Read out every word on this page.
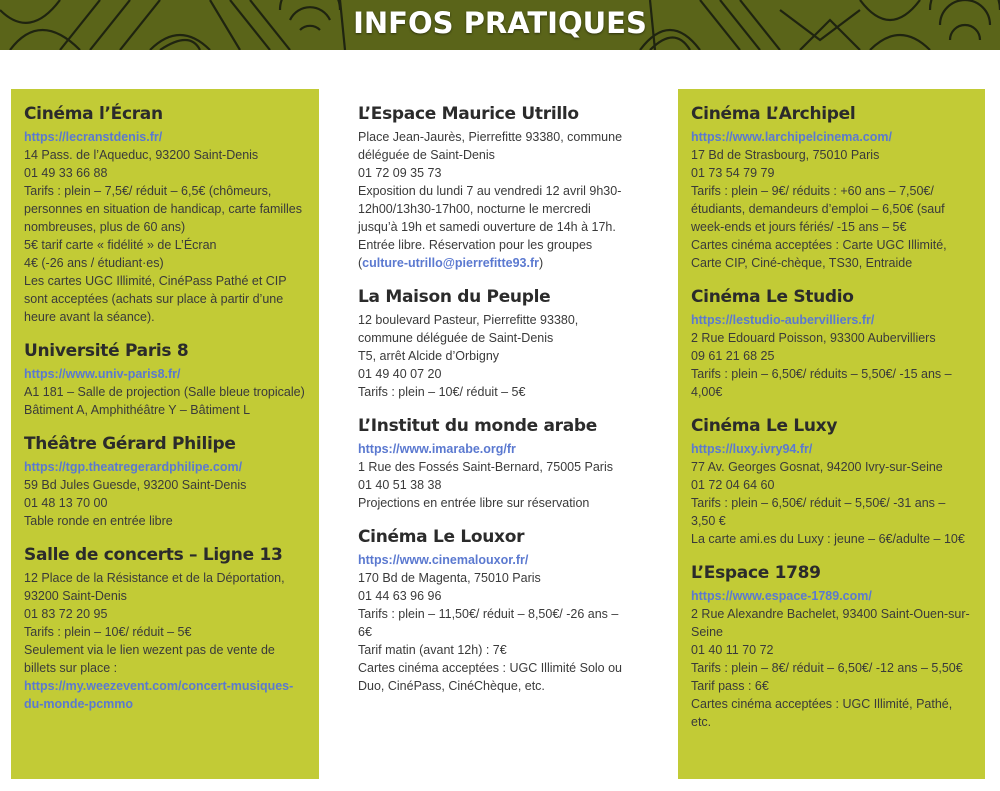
INFOS PRATIQUES
Cinéma l’Écran
https://lecranstdenis.fr/
14 Pass. de l’Aqueduc, 93200 Saint-Denis
01 49 33 66 88
Tarifs : plein – 7,5€/ réduit – 6,5€ (chômeurs, personnes en situation de handicap, carte familles nombreuses, plus de 60 ans)
5€ tarif carte « fidélité » de L’Écran
4€ (-26 ans / étudiant·es)
Les cartes UGC Illimité, CinéPass Pathé et CIP sont acceptées (achats sur place à partir d’une heure avant la séance).
Université Paris 8
https://www.univ-paris8.fr/
A1 181 – Salle de projection (Salle bleue tropicale)
Bâtiment A, Amphithéâtre Y – Bâtiment L
Théâtre Gérard Philipe
https://tgp.theatregerardphilipe.com/
59 Bd Jules Guesde, 93200 Saint-Denis
01 48 13 70 00
Table ronde en entrée libre
Salle de concerts – Ligne 13
12 Place de la Résistance et de la Déportation, 93200 Saint-Denis
01 83 72 20 95
Tarifs : plein – 10€/ réduit – 5€
Seulement via le lien wezent pas de vente de billets sur place : https://my.weezevent.com/concert-musiques-du-monde-pcmmo
L’Espace Maurice Utrillo
Place Jean-Jaurès, Pierrefitte 93380, commune déléguée de Saint-Denis
01 72 09 35 73
Exposition du lundi 7 au vendredi 12 avril 9h30-12h00/13h30-17h00, nocturne le mercredi jusqu’à 19h et samedi ouverture de 14h à 17h.
Entrée libre. Réservation pour les groupes
(culture-utrillo@pierrefitte93.fr)
La Maison du Peuple
12 boulevard Pasteur, Pierrefitte 93380, commune déléguée de Saint-Denis
T5, arrêt Alcide d’Orbigny
01 49 40 07 20
Tarifs : plein – 10€/ réduit – 5€
L’Institut du monde arabe
https://www.imarabe.org/fr
1 Rue des Fossés Saint-Bernard, 75005 Paris
01 40 51 38 38
Projections en entrée libre sur réservation
Cinéma Le Louxor
https://www.cinemalouxor.fr/
170 Bd de Magenta, 75010 Paris
01 44 63 96 96
Tarifs : plein – 11,50€/ réduit – 8,50€/ -26 ans – 6€
Tarif matin (avant 12h) : 7€
Cartes cinéma acceptées : UGC Illimité Solo ou Duo, CinéPass, CinéChèque, etc.
Cinéma L’Archipel
https://www.larchipelcinema.com/
17 Bd de Strasbourg, 75010 Paris
01 73 54 79 79
Tarifs : plein – 9€/ réduits : +60 ans – 7,50€/ étudiants, demandeurs d’emploi – 6,50€ (sauf week-ends et jours fériés/ -15 ans – 5€
Cartes cinéma acceptées : Carte UGC Illimité, Carte CIP, Ciné-chèque, TS30, Entraide
Cinéma Le Studio
https://lestudio-aubervilliers.fr/
2 Rue Edouard Poisson, 93300 Aubervilliers
09 61 21 68 25
Tarifs : plein – 6,50€/ réduits – 5,50€/ -15 ans – 4,00€
Cinéma Le Luxy
https://luxy.ivry94.fr/
77 Av. Georges Gosnat, 94200 Ivry-sur-Seine
01 72 04 64 60
Tarifs : plein – 6,50€/ réduit – 5,50€/ -31 ans – 3,50 €
La carte ami.es du Luxy : jeune – 6€/adulte – 10€
L’Espace 1789
https://www.espace-1789.com/
2 Rue Alexandre Bachelet, 93400 Saint-Ouen-sur-Seine
01 40 11 70 72
Tarifs : plein – 8€/ réduit – 6,50€/ -12 ans – 5,50€
Tarif pass : 6€
Cartes cinéma acceptées : UGC Illimité, Pathé, etc.
